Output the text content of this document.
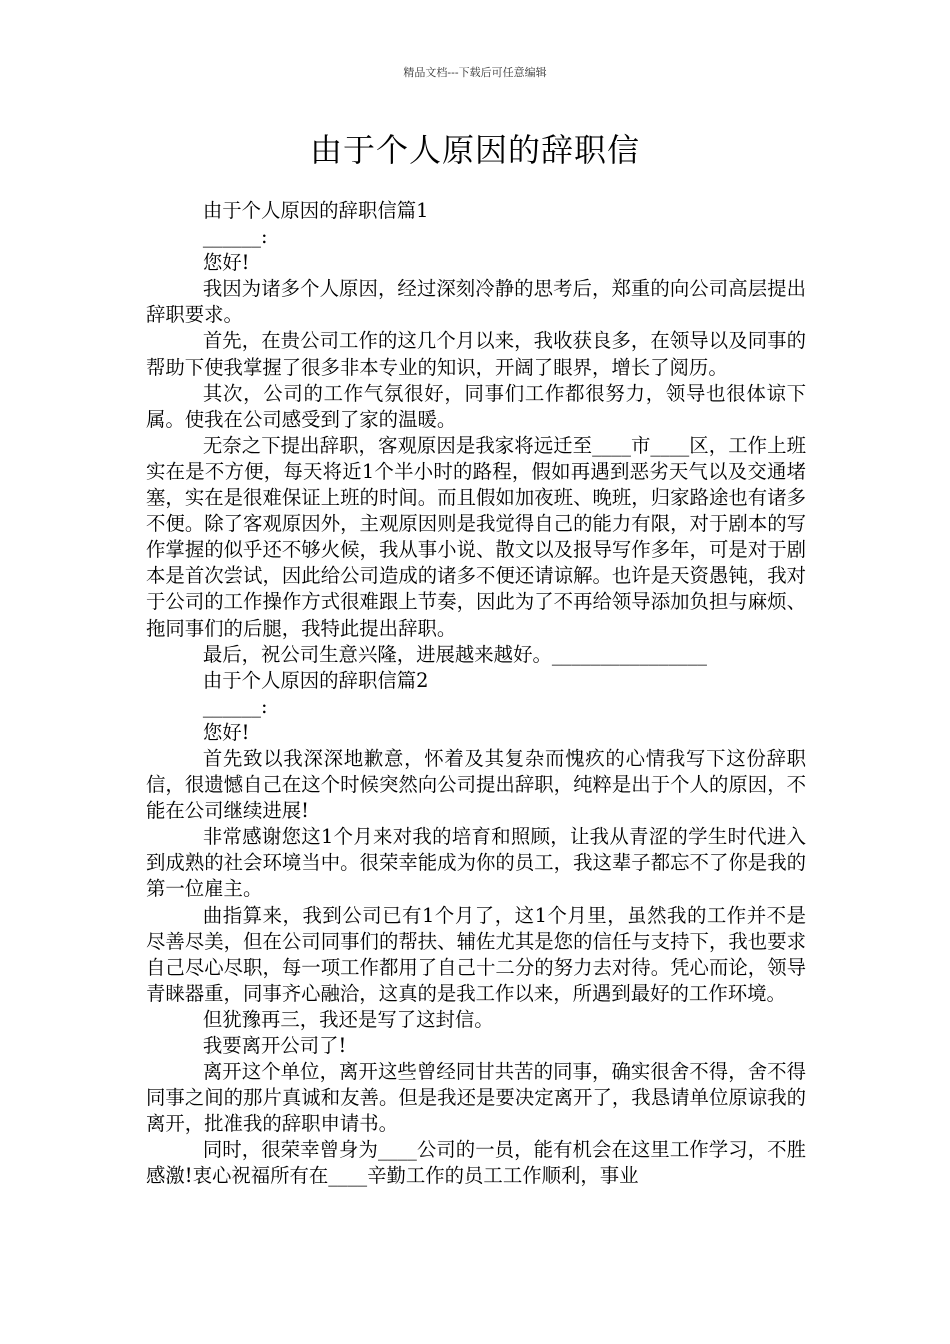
精品文档---下载后可任意编辑
由于个人原因的辞职信

由于个人原因的辞职信篇1

______:

您好!

我因为诸多个人原因，经过深刻冷静的思考后，郑重的向公司高层提出辞职要求。

首先，在贵公司工作的这几个月以来，我收获良多，在领导以及同事的帮助下使我掌握了很多非本专业的知识，开阔了眼界，增长了阅历。

其次，公司的工作气氛很好，同事们工作都很努力，领导也很体谅下属。使我在公司感受到了家的温暖。

无奈之下提出辞职，客观原因是我家将远迁至____市____区，工作上班实在是不方便，每天将近1个半小时的路程，假如再遇到恶劣天气以及交通堵塞，实在是很难保证上班的时间。而且假如加夜班、晚班，归家路途也有诸多不便。除了客观原因外，主观原因则是我觉得自己的能力有限，对于剧本的写作掌握的似乎还不够火候，我从事小说、散文以及报导写作多年，可是对于剧本是首次尝试，因此给公司造成的诸多不便还请谅解。也许是天资愚钝，我对于公司的工作操作方式很难跟上节奏，因此为了不再给领导添加负担与麻烦、拖同事们的后腿，我特此提出辞职。

最后，祝公司生意兴隆，进展越来越好。________________

由于个人原因的辞职信篇2

______:

您好!

首先致以我深深地歉意，怀着及其复杂而愧疚的心情我写下这份辞职信，很遗憾自己在这个时候突然向公司提出辞职，纯粹是出于个人的原因，不能在公司继续进展!

非常感谢您这1个月来对我的培育和照顾，让我从青涩的学生时代进入到成熟的社会环境当中。很荣幸能成为你的员工，我这辈子都忘不了你是我的第一位雇主。

曲指算来，我到公司已有1个月了，这1个月里，虽然我的工作并不是尽善尽美，但在公司同事们的帮扶、辅佐尤其是您的信任与支持下，我也要求自己尽心尽职，每一项工作都用了自己十二分的努力去对待。凭心而论，领导青睐器重，同事齐心融洽，这真的是我工作以来，所遇到最好的工作环境。

但犹豫再三，我还是写了这封信。

我要离开公司了!

离开这个单位，离开这些曾经同甘共苦的同事，确实很舍不得，舍不得同事之间的那片真诚和友善。但是我还是要决定离开了，我恳请单位原谅我的离开，批准我的辞职申请书。

同时，很荣幸曾身为____公司的一员，能有机会在这里工作学习，不胜感激!衷心祝福所有在____辛勤工作的员工工作顺利，事业
